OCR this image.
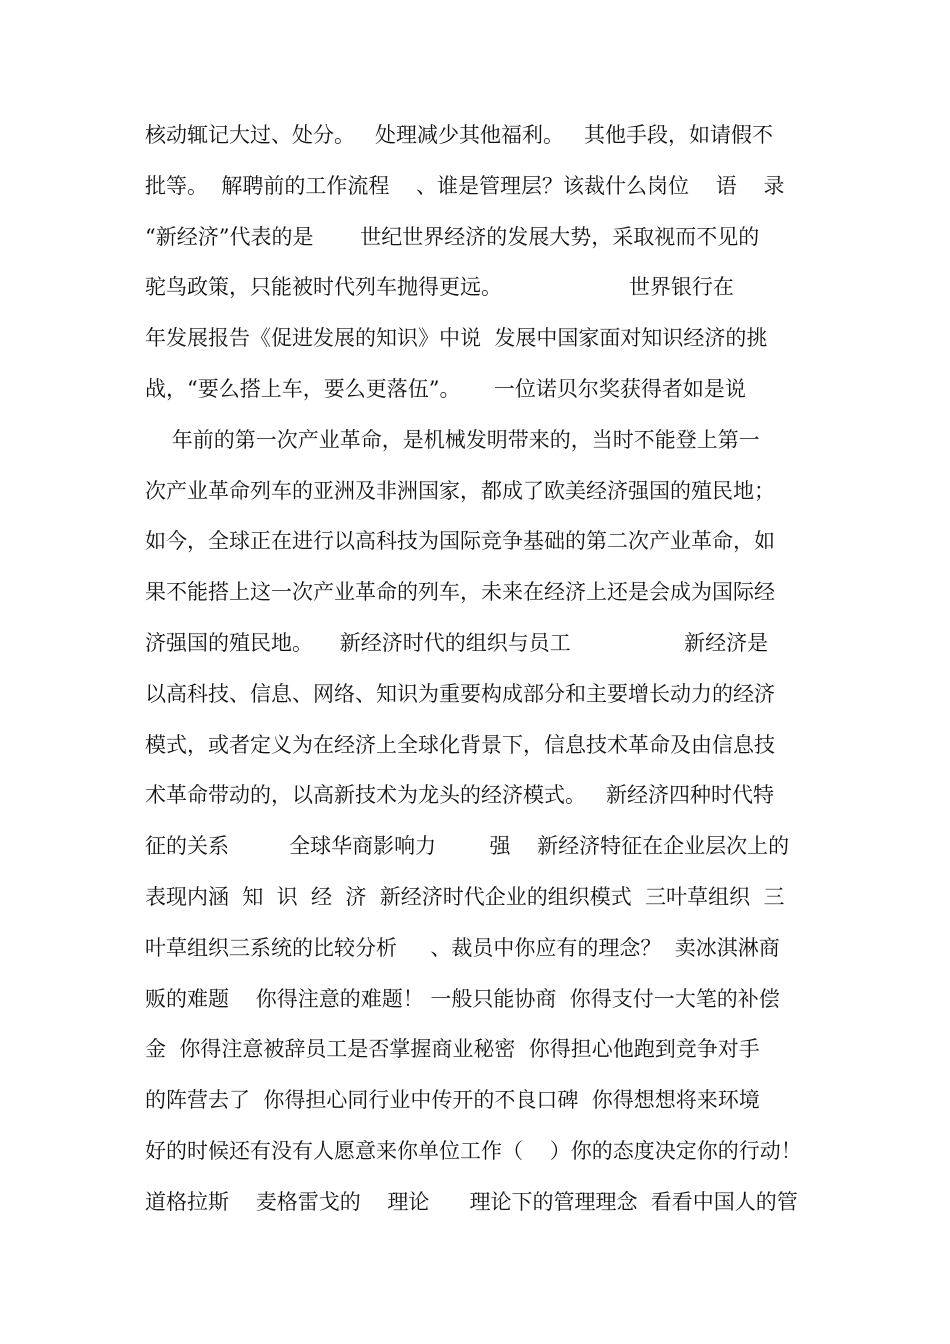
核动辄记大过、处分。   处理减少其他福利。   其他手段，如请假不
批等。  解聘前的工作流程    、谁是管理层？该裁什么岗位    语    录
“新经济”代表的是       世纪世界经济的发展大势，采取视而不见的
驼鸟政策，只能被时代列车抛得更远。                   世界银行在
年发展报告《促进发展的知识》中说  发展中国家面对知识经济的挑
战，“要么搭上车，要么更落伍”。     一位诺贝尔奖获得者如是说
年前的第一次产业革命，是机械发明带来的，当时不能登上第一
次产业革命列车的亚洲及非洲国家，都成了欧美经济强国的殖民地；
如今，全球正在进行以高科技为国际竞争基础的第二次产业革命，如
果不能搭上这一次产业革命的列车，未来在经济上还是会成为国际经
济强国的殖民地。    新经济时代的组织与员工                 新经济是
以高科技、信息、网络、知识为重要构成部分和主要增长动力的经济
模式，或者定义为在经济上全球化背景下，信息技术革命及由信息技
术革命带动的，以高新技术为龙头的经济模式。   新经济四种时代特
征的关系         全球华商影响力        强    新经济特征在企业层次上的
表现内涵  知  识  经  济  新经济时代企业的组织模式  三叶草组织  三
叶草组织三系统的比较分析     、裁员中你应有的理念？  卖冰淇淋商
贩的难题    你得注意的难题！ 一般只能协商  你得支付一大笔的补偿
金  你得注意被辞员工是否掌握商业秘密  你得担心他跑到竞争对手
的阵营去了  你得担心同行业中传开的不良口碑  你得想想将来环境
好的时候还有没有人愿意来你单位工作（    ）你的态度决定你的行动！
道格拉斯    麦格雷戈的    理论      理论下的管理理念  看看中国人的管
